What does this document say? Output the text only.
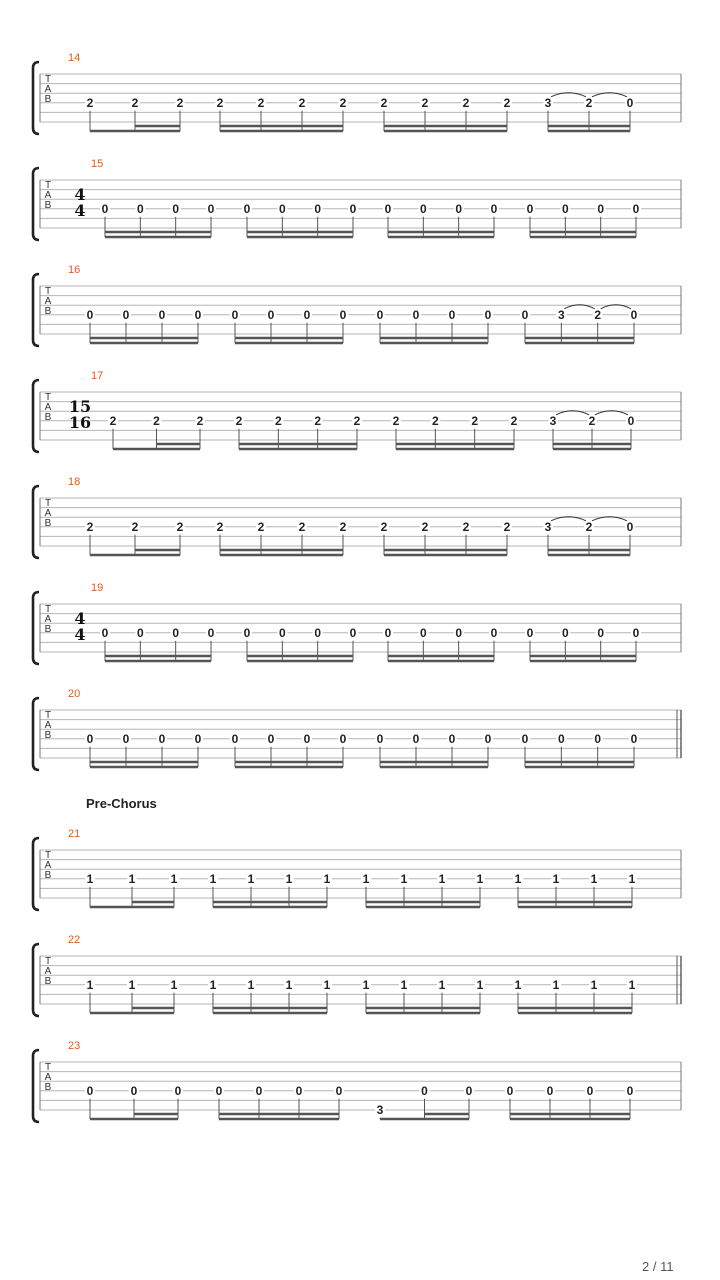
T
A
B
14
2	2	2	2	2	2	2	2	2	2	2	3	2	0
T
A
B
15
4
4 0 0 0 0 0 0 0 0 0 0 0 0 0 0 0 0
T
A
B
16
0 0 0 0	0 0 0 0	0 0 0 0	0 3 2 0
T
A
B
17
15
16 2	2	2	2	2	2	2	2	2	2	2	3	2	0
T
A
B
18
2	2	2	2	2	2	2	2	2	2	2	3	2	0
T
A
B
19
4
4 0 0 0 0 0 0 0 0 0 0 0 0 0 0 0 0
T
A
B
20
0 0 0 0	0 0 0 0	0 0 0 0	0 0 0 0
T
A
B
21
1	1	1	1	1	1	1	1	1	1	1	1	1	1	1
T
A
B
22
1	1	1	1	1	1	1	1	1	1	1	1	1	1	1
T
A
B
23
0	0	0	0	0	0	0
3
0	0	0	0	0	0
Pre-Chorus
2 / 11
